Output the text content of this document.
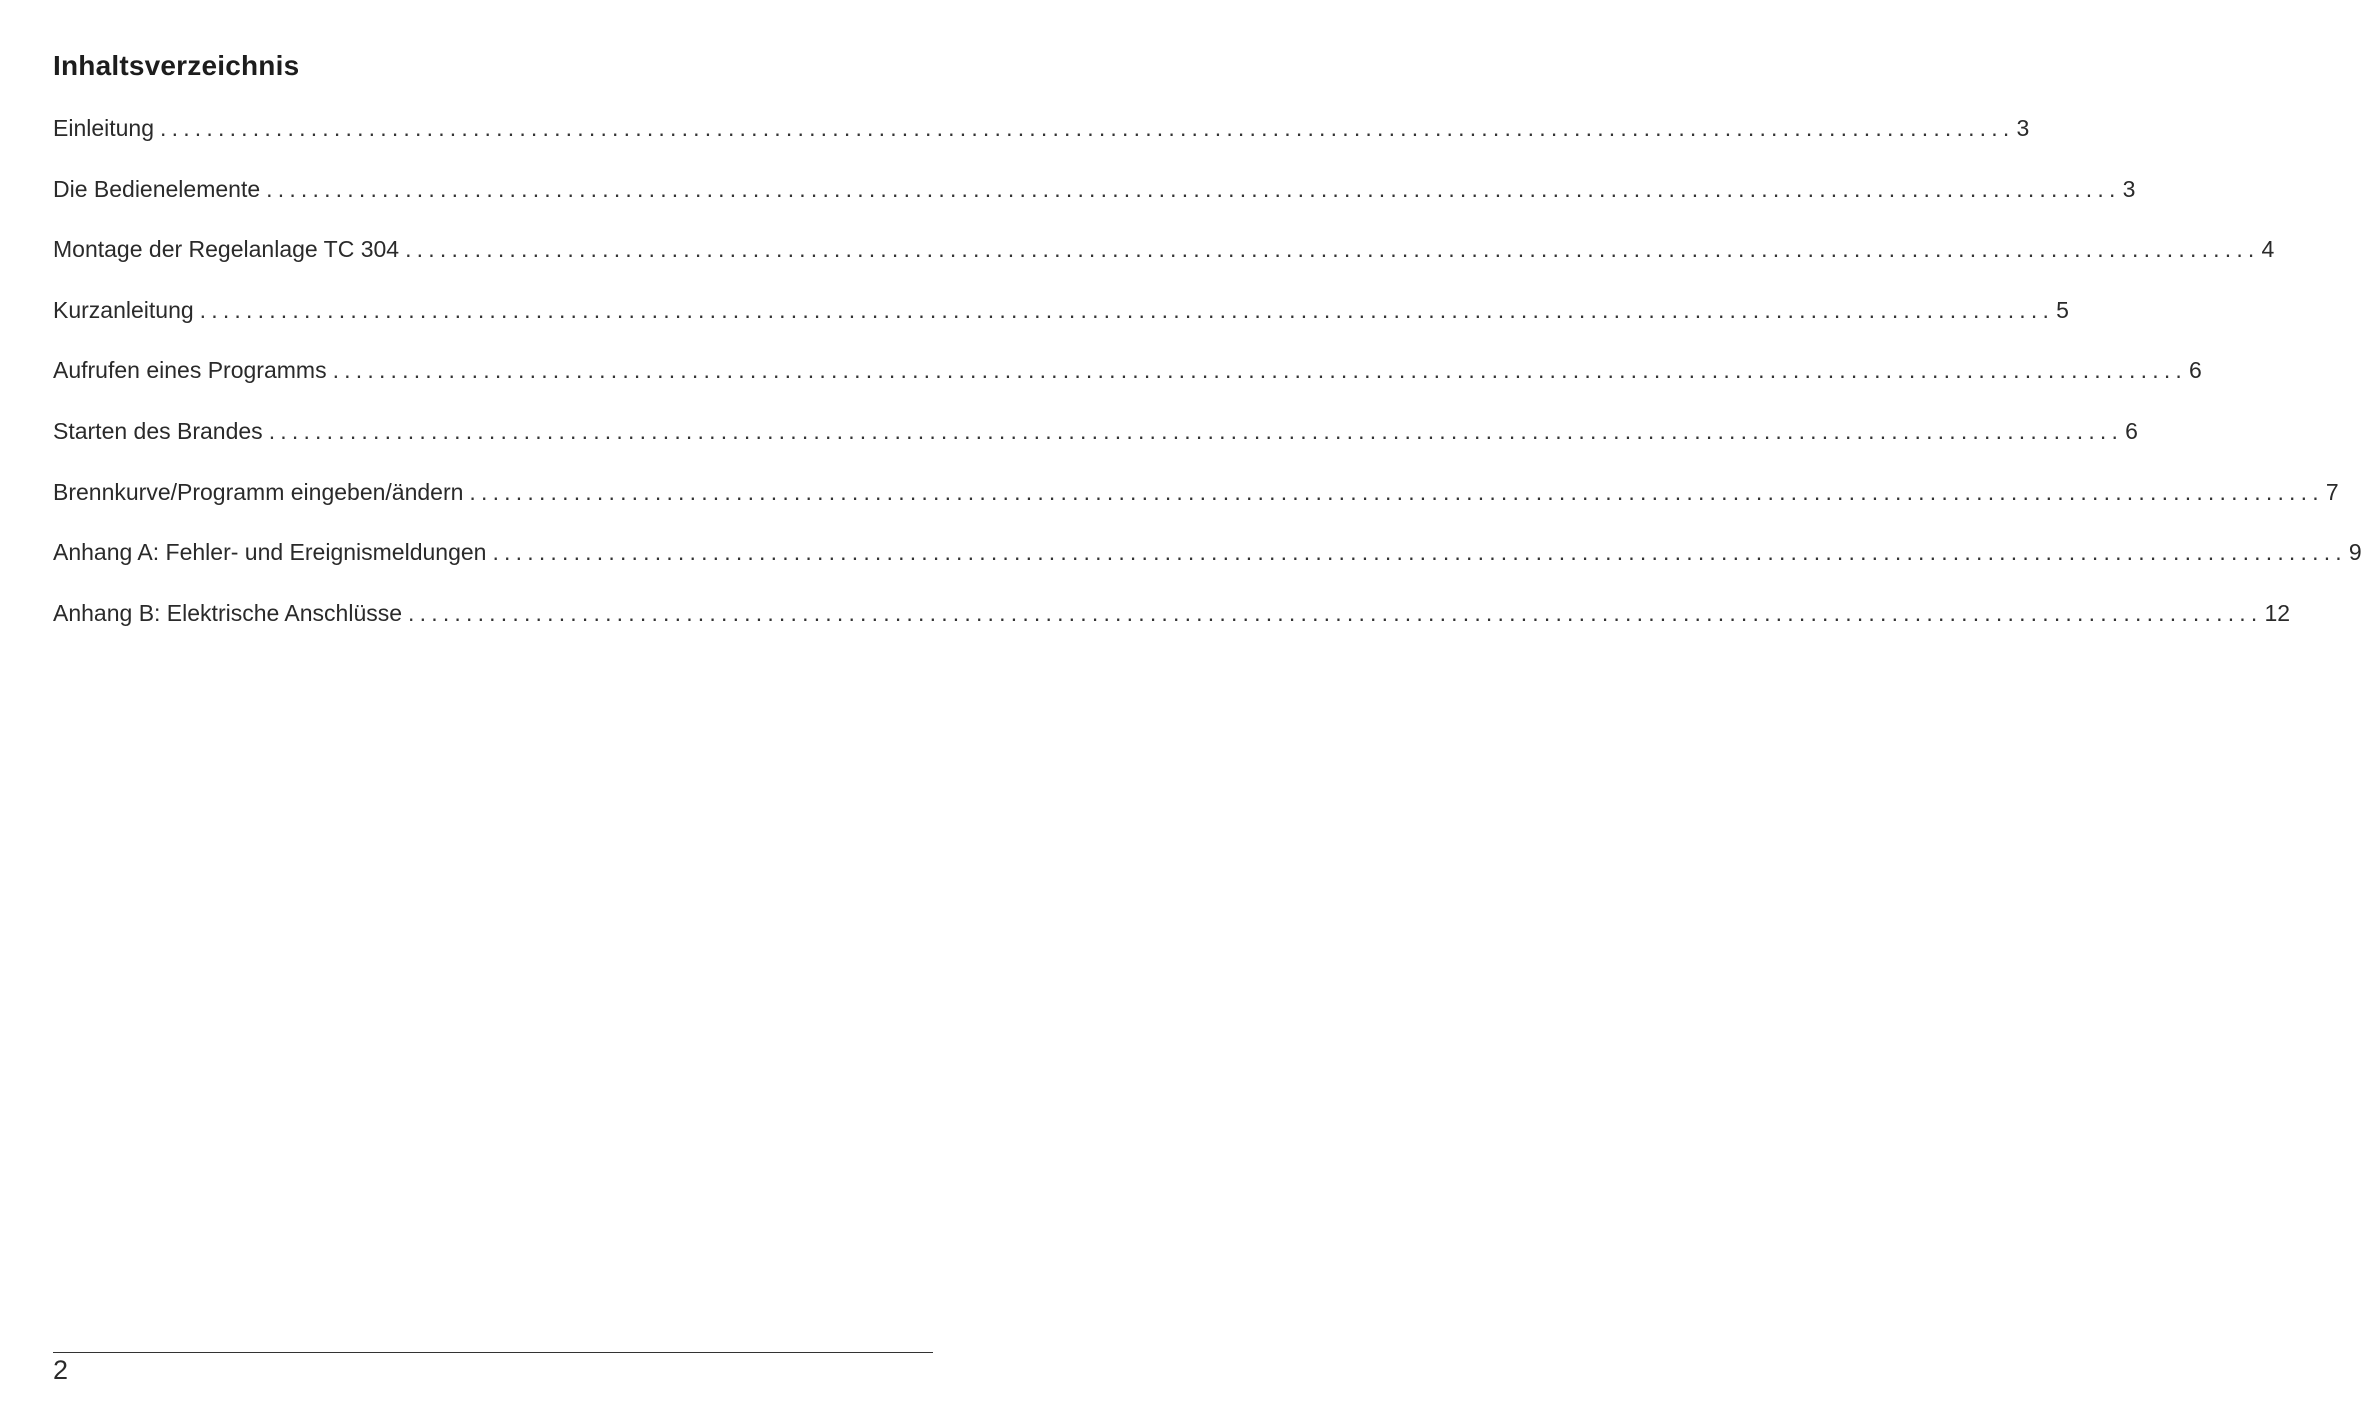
Inhaltsverzeichnis
Einleitung ................................................................................................................................................................ 3
Die Bedienelemente ................................................................................................................................................................ 3
Montage der Regelanlage TC 304 ................................................................................................................................................................ 4
Kurzanleitung ................................................................................................................................................................ 5
Aufrufen eines Programms ................................................................................................................................................................ 6
Starten des Brandes ................................................................................................................................................................ 6
Brennkurve/Programm eingeben/ändern ................................................................................................................................................................ 7
Anhang A: Fehler- und Ereignismeldungen ................................................................................................................................................................ 9
Anhang B: Elektrische Anschlüsse ................................................................................................................................................................ 12
2
